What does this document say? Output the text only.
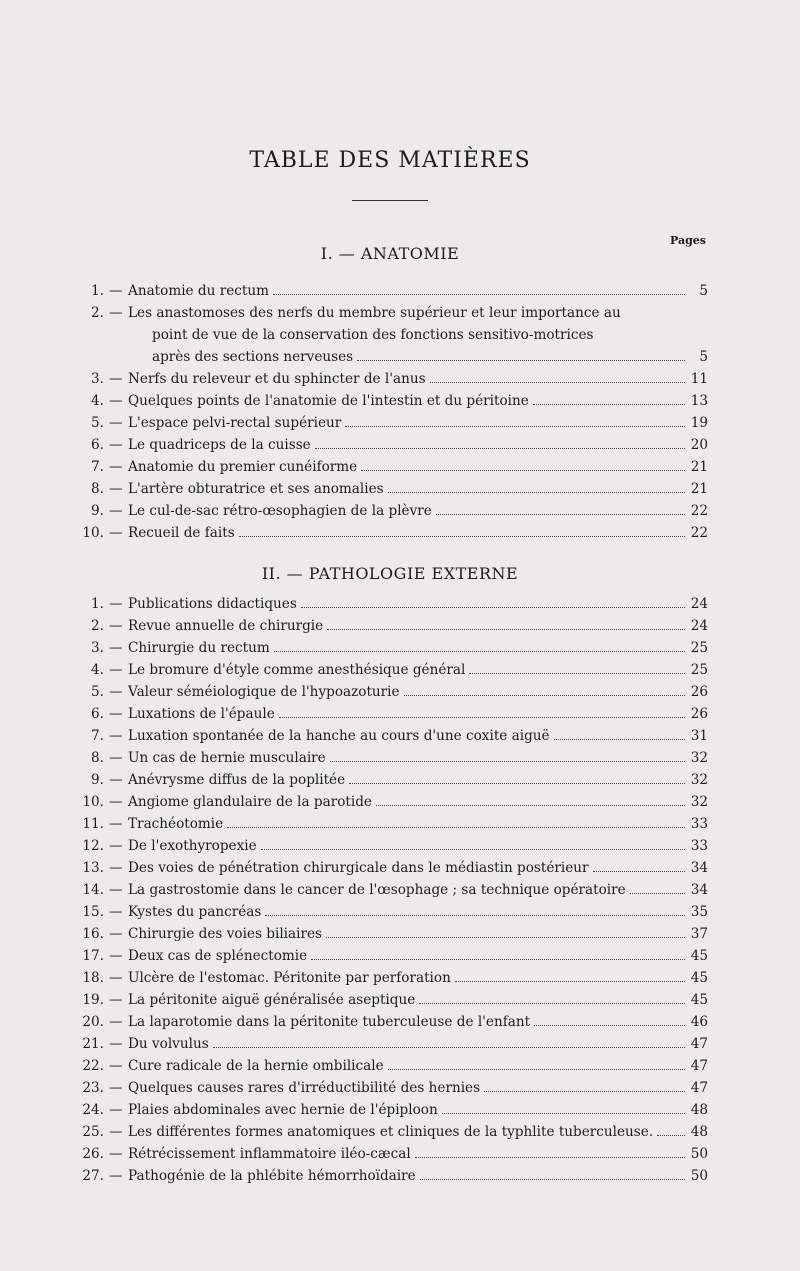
TABLE DES MATIÈRES
Pages
I. — ANATOMIE
1. — Anatomie du rectum	5
2. — Les anastomoses des nerfs du membre supérieur et leur importance au
point de vue de la conservation des fonctions sensitivo-motrices
après des sections nerveuses	5
3. — Nerfs du releveur et du sphincter de l'anus	11
4. — Quelques points de l'anatomie de l'intestin et du péritoine	13
5. — L'espace pelvi-rectal supérieur	19
6. — Le quadriceps de la cuisse	20
7. — Anatomie du premier cunéiforme	21
8. — L'artère obturatrice et ses anomalies	21
9. — Le cul-de-sac rétro-œsophagien de la plèvre	22
10. — Recueil de faits	22
II. — PATHOLOGIE EXTERNE
1. — Publications didactiques	24
2. — Revue annuelle de chirurgie	24
3. — Chirurgie du rectum	25
4. — Le bromure d'étyle comme anesthésique général	25
5. — Valeur séméiologique de l'hypoazoturie	26
6. — Luxations de l'épaule	26
7. — Luxation spontanée de la hanche au cours d'une coxite aiguë	31
8. — Un cas de hernie musculaire	32
9. — Anévrysme diffus de la poplitée	32
10. — Angiome glandulaire de la parotide	32
11. — Trachéotomie	33
12. — De l'exothyropexie	33
13. — Des voies de pénétration chirurgicale dans le médiastin postérieur	34
14. — La gastrostomie dans le cancer de l'œsophage ; sa technique opératoire	34
15. — Kystes du pancréas	35
16. — Chirurgie des voies biliaires	37
17. — Deux cas de splénectomie	45
18. — Ulcère de l'estomac. Péritonite par perforation	45
19. — La péritonite aiguë généralisée aseptique	45
20. — La laparotomie dans la péritonite tuberculeuse de l'enfant	46
21. — Du volvulus	47
22. — Cure radicale de la hernie ombilicale	47
23. — Quelques causes rares d'irréductibilité des hernies	47
24. — Plaies abdominales avec hernie de l'épiploon	48
25. — Les différentes formes anatomiques et cliniques de la typhlite tuberculeuse.	48
26. — Rétrécissement inflammatoire iléo-cæcal	50
27. — Pathogénie de la phlébite hémorrhoïdaire	50
